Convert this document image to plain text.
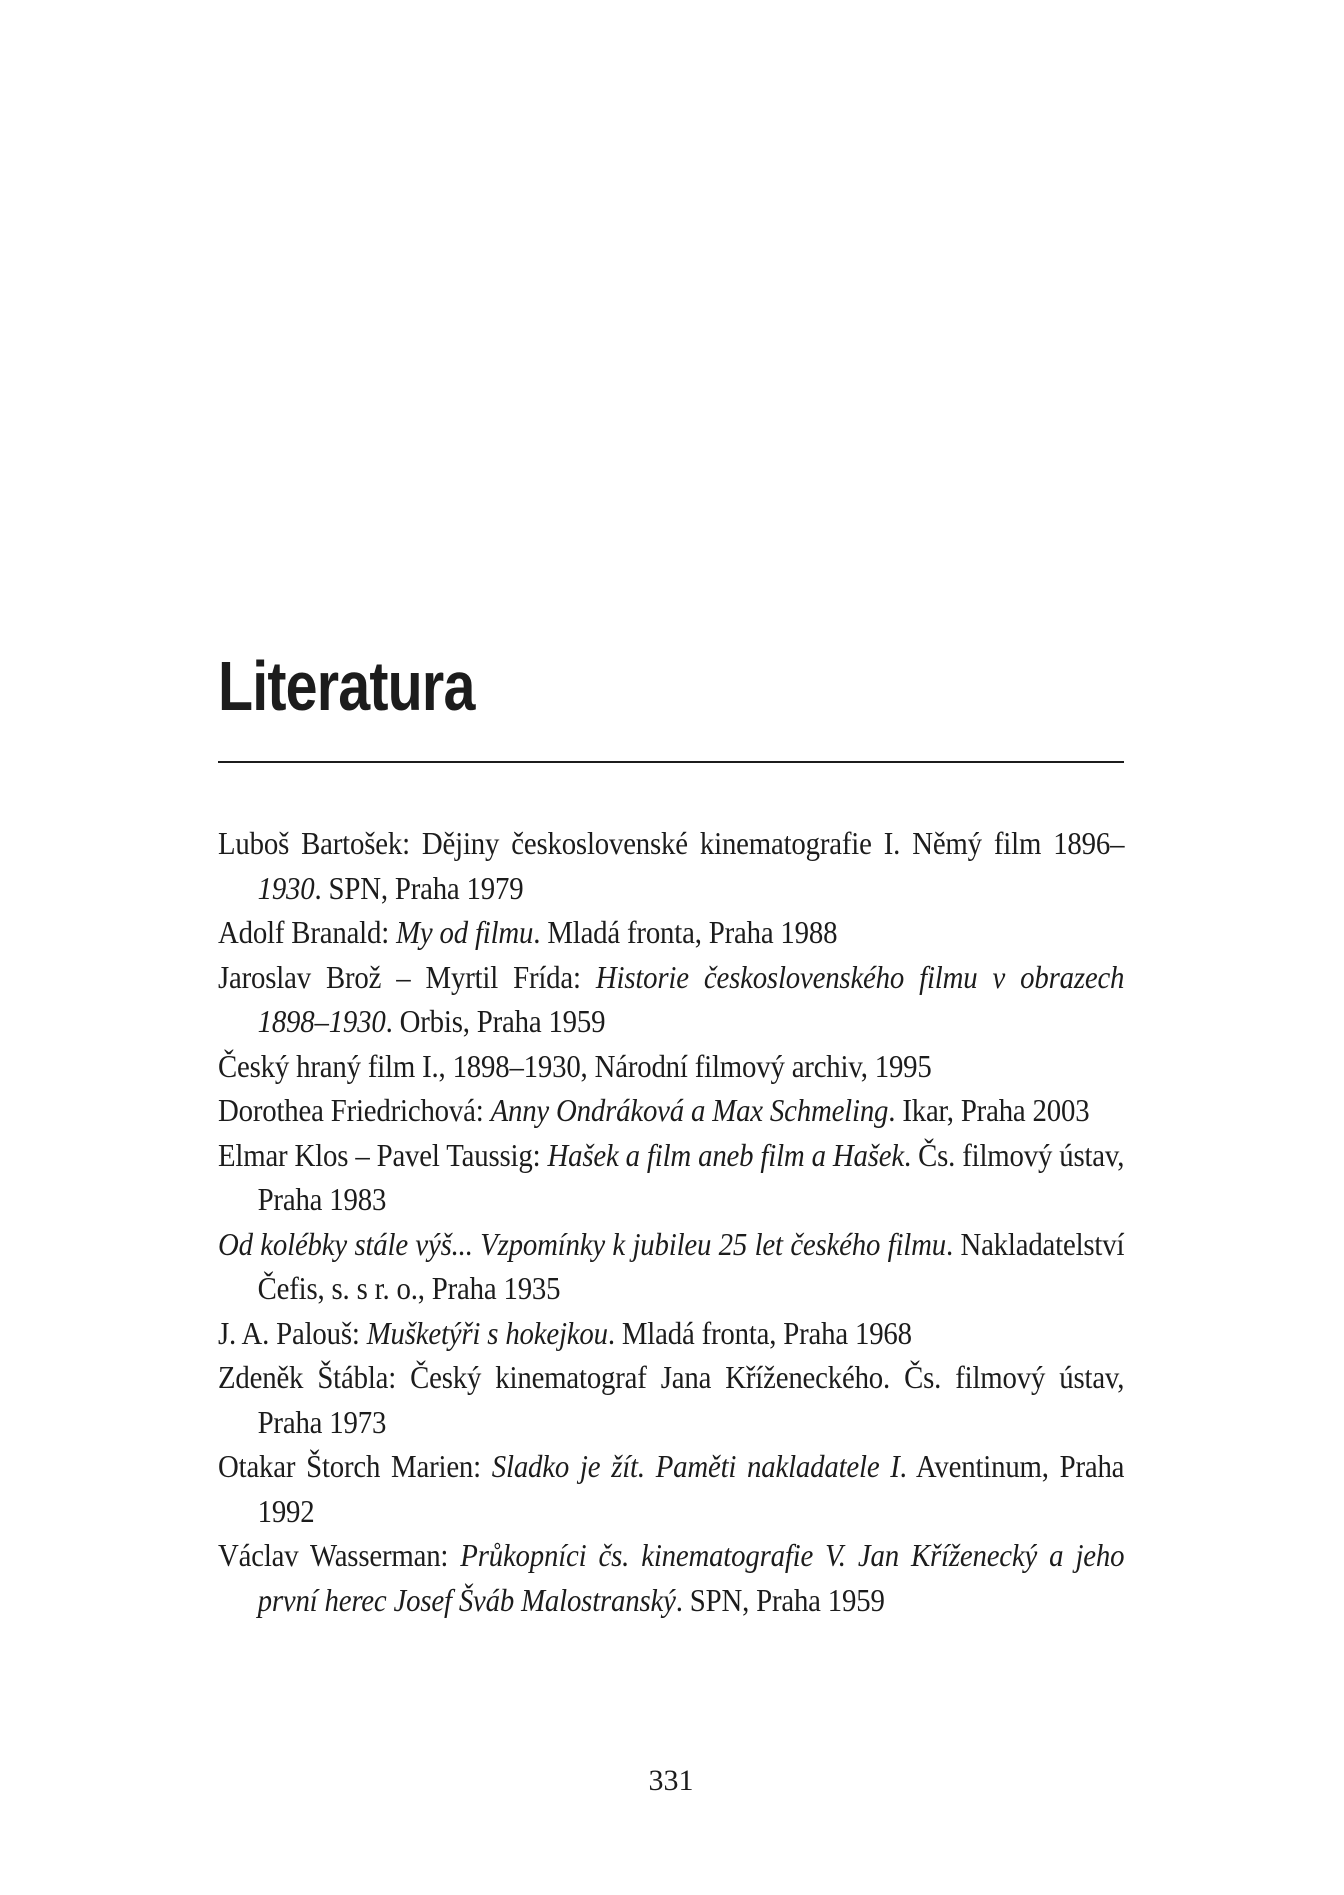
Literatura

Luboš Bartošek: Dějiny československé kinematografie I. Němý film 1896–1930. SPN, Praha 1979

Adolf Branald: My od filmu. Mladá fronta, Praha 1988

Jaroslav Brož – Myrtil Frída: Historie československého filmu v obrazech 1898–1930. Orbis, Praha 1959

Český hraný film I., 1898–1930, Národní filmový archiv, 1995

Dorothea Friedrichová: Anny Ondráková a Max Schmeling. Ikar, Praha 2003

Elmar Klos – Pavel Taussig: Hašek a film aneb film a Hašek. Čs. filmový ústav, Praha 1983

Od kolébky stále výš... Vzpomínky k jubileu 25 let českého filmu. Nakladatelství Čefis, s. s r. o., Praha 1935

J. A. Palouš: Mušketýři s hokejkou. Mladá fronta, Praha 1968

Zdeněk Štábla: Český kinematograf Jana Kříženeckého. Čs. filmový ústav, Praha 1973

Otakar Štorch Marien: Sladko je žít. Paměti nakladatele I. Aventinum, Praha 1992

Václav Wasserman: Průkopníci čs. kinematografie V. Jan Kříženecký a jeho první herec Josef Šváb Malostranský. SPN, Praha 1959

331
